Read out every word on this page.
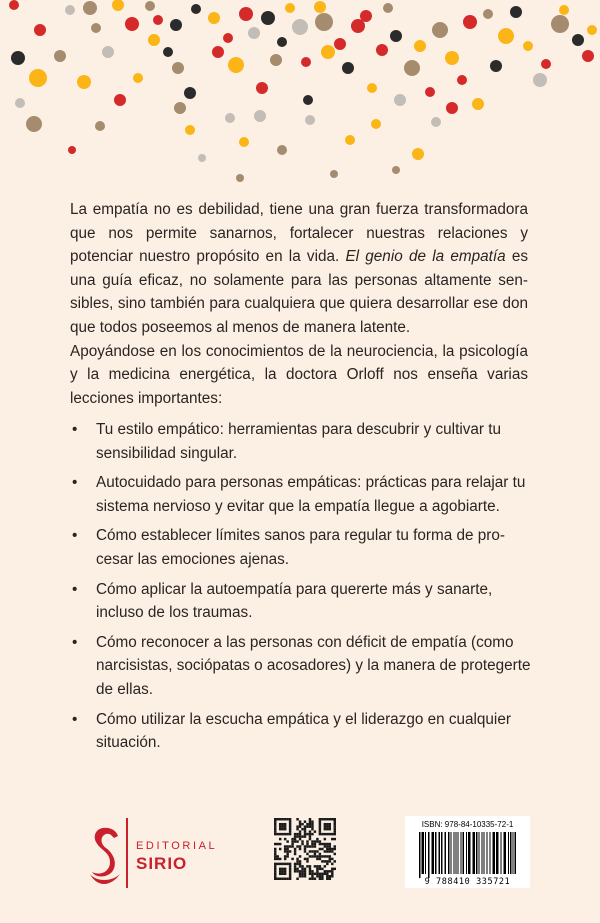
La empatía no es debilidad, tiene una gran fuerza transformadora que nos permite sanarnos, fortalecer nuestras relaciones y potenciar nuestro propósito en la vida. El genio de la empatía es una guía eficaz, no solamente para las personas altamente sensibles, sino también para cualquiera que quiera desarrollar ese don que todos poseemos al menos de manera latente.

Apoyándose en los conocimientos de la neurociencia, la psicología y la medicina energética, la doctora Orloff nos enseña varias lecciones importantes:

• Tu estilo empático: herramientas para descubrir y cultivar tu sensibilidad singular.
• Autocuidado para personas empáticas: prácticas para relajar tu sistema nervioso y evitar que la empatía llegue a agobiarte.
• Cómo establecer límites sanos para regular tu forma de procesar las emociones ajenas.
• Cómo aplicar la autoempatía para quererte más y sanarte, incluso de los traumas.
• Cómo reconocer a las personas con déficit de empatía (como narcisistas, sociópatas o acosadores) y la manera de protegerte de ellas.
• Cómo utilizar la escucha empática y el liderazgo en cualquier situación.
EDITORIAL
SIRIO
ISBN: 978-84-10335-72-1
9 788410 335721
